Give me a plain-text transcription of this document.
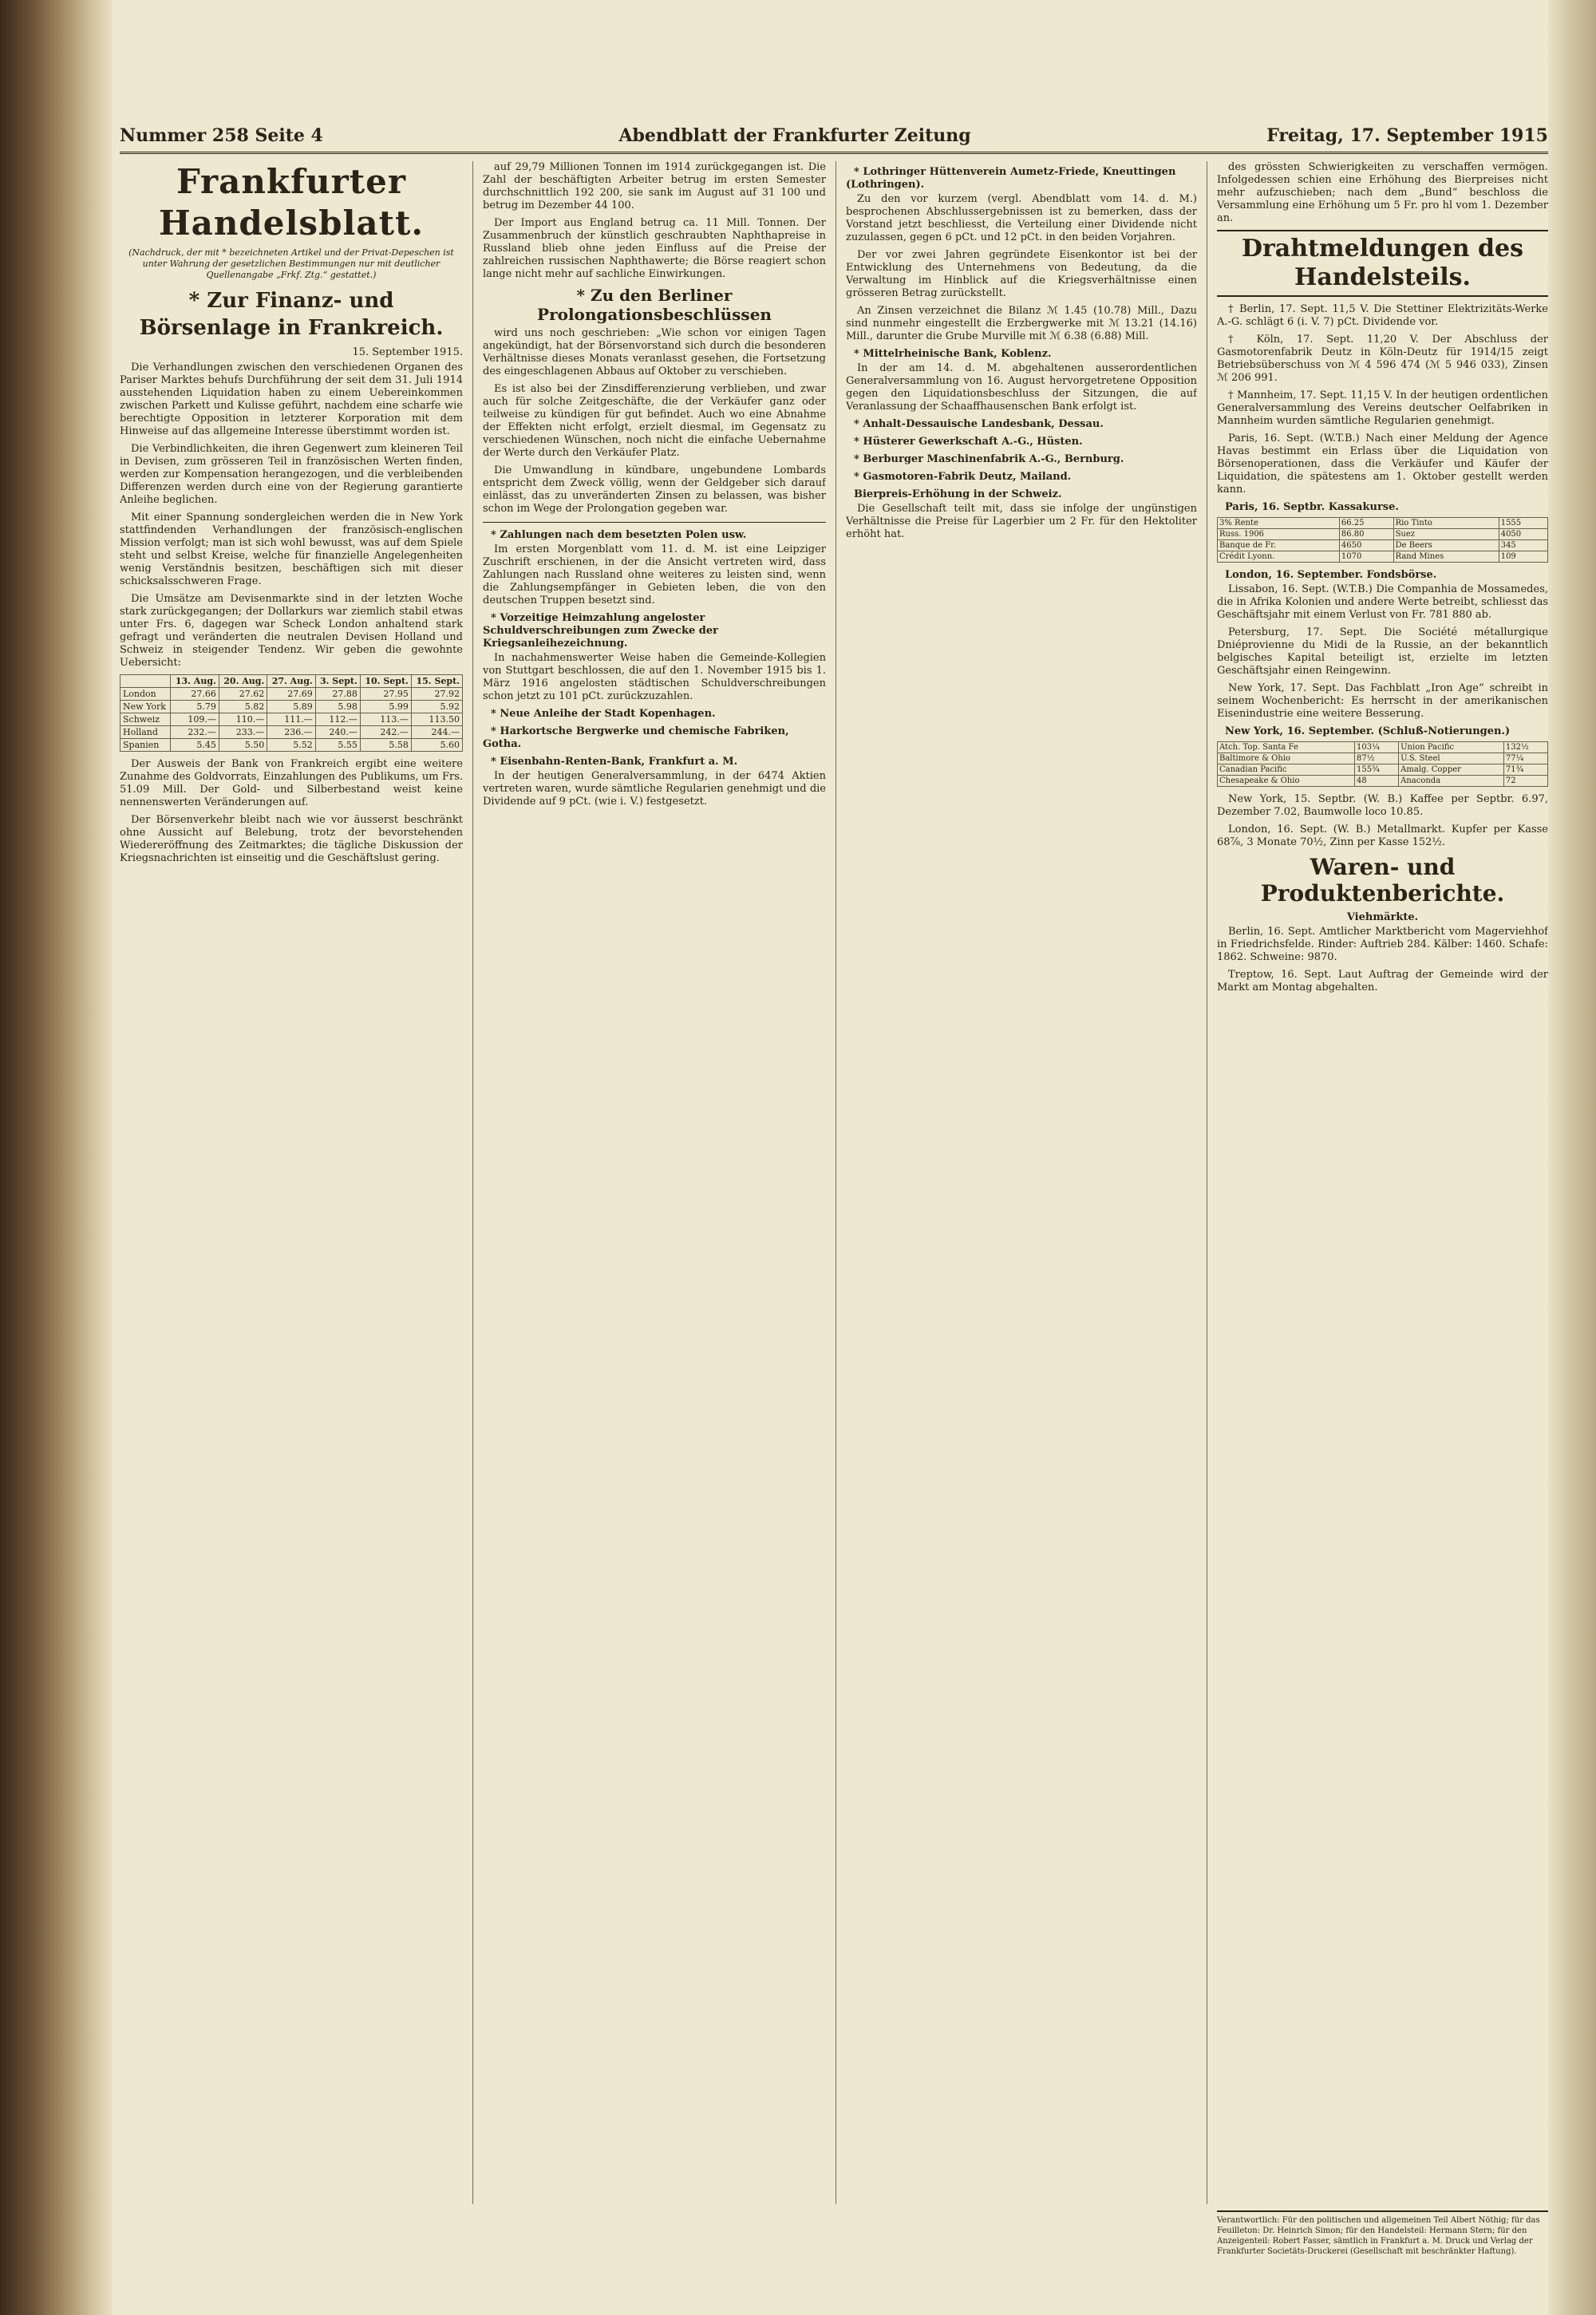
Nummer 258 Seite 4	Abendblatt der Frankfurter Zeitung	Freitag, 17. September 1915
Frankfurter Handelsblatt.
(Nachdruck, der mit * bezeichneten Artikel und der Privat-Depeschen ist unter Wahrung der gesetzlichen Bestimmungen nur mit deutlicher Quellenangabe „Frkf. Ztg.“ gestattet.)
* Zur Finanz- und Börsenlage in Frankreich.
15. September 1915.

Die Verhandlungen zwischen den verschiedenen Organen des Pariser Marktes behufs Durchführung der seit dem 31. Juli 1914 ausstehenden Liquidation haben zu einem Uebereinkommen zwischen Parkett und Kulisse geführt, nachdem eine scharfe wie berechtigte Opposition in letzterer Korporation mit dem Hinweise auf das allgemeine Interesse überstimmt worden ist.

Die Verbindlichkeiten, die ihren Gegenwert zum kleineren Teil in Devisen, zum grösseren Teil in französischen Werten finden, werden zur Kompensation herangezogen, und die verbleibenden Differenzen werden durch eine von der Regierung garantierte Anleihe beglichen.

Mit einer Spannung sondergleichen werden die in New York stattfindenden Verhandlungen der französisch-englischen Mission verfolgt; man ist sich wohl bewusst, was auf dem Spiele steht und selbst Kreise, welche für finanzielle Angelegenheiten wenig Verständnis besitzen, beschäftigen sich mit dieser schicksalsschweren Frage.

Die Umsätze am Devisenmarkte sind in der letzten Woche stark zurückgegangen; der Dollarkurs war ziemlich stabil etwas unter Frs. 6, dagegen war Scheck London anhaltend stark gefragt und veränderten die neutralen Devisen Holland und Schweiz in steigender Tendenz. Wir geben die gewohnte Uebersicht:

	13. Aug.	20. Aug.	27. Aug.	3. Sept.	10. Sept.	15. Sept.
London	27.66	27.62	27.69	27.88	27.95	27.92
New York	5.79	5.82	5.89	5.98	5.99	5.92
Schweiz	109.—	110.—	111.—	112.—	113.—	113.50
Holland	232.—	233.—	236.—	240.—	242.—	244.—
Spanien	5.45	5.50	5.52	5.55	5.58	5.60

Der Ausweis der Bank von Frankreich ergibt eine weitere Zunahme des Goldvorrats, Einzahlungen des Publikums, um Frs. 51.09 Mill. Der Gold- und Silberbestand weist keine nennenswerten Veränderungen auf.

Der Börsenverkehr bleibt nach wie vor äusserst beschränkt ohne Aussicht auf Belebung, trotz der bevorstehenden Wiedereröffnung des Zeitmarktes; die tägliche Diskussion der Kriegsnachrichten ist einseitig und die Geschäftslust gering.

auf 29,79 Millionen Tonnen im 1914 zurückgegangen ist. Die Zahl der beschäftigten Arbeiter betrug im ersten Semester durchschnittlich 192 200, sie sank im August auf 31 100 und betrug im Dezember 44 100.

Der Import aus England betrug ca. 11 Mill. Tonnen. Der Zusammenbruch der künstlich geschraubten Naphthapreise in Russland blieb ohne jeden Einfluss auf die Preise der zahlreichen russischen Naphthawerte; die Börse reagiert schon lange nicht mehr auf sachliche Einwirkungen.

* Zu den Berliner Prolongationsbeschlüssen

wird uns noch geschrieben: „Wie schon vor einigen Tagen angekündigt, hat der Börsenvorstand sich durch die besonderen Verhältnisse dieses Monats veranlasst gesehen, die Fortsetzung des eingeschlagenen Abbaus auf Oktober zu verschieben.

Es ist also bei der Zinsdifferenzierung verblieben, und zwar auch für solche Zeitgeschäfte, die der Verkäufer ganz oder teilweise zu kündigen für gut befindet. Auch wo eine Abnahme der Effekten nicht erfolgt, erzielt diesmal, im Gegensatz zu verschiedenen Wünschen, noch nicht die einfache Uebernahme der Werte durch den Verkäufer Platz.

Die Umwandlung in kündbare, ungebundene Lombards entspricht dem Zweck völlig, wenn der Geldgeber sich darauf einlässt, das zu unveränderten Zinsen zu belassen, was bisher schon im Wege der Prolongation gegeben war.

* Zahlungen nach dem besetzten Polen usw.

Im ersten Morgenblatt vom 11. d. M. ist eine Leipziger Zuschrift erschienen, in der die Ansicht vertreten wird, dass Zahlungen nach Russland ohne weiteres zu leisten sind, wenn die Zahlungsempfänger in Gebieten leben, die von den deutschen Truppen besetzt sind.

* Vorzeitige Heimzahlung angeloster Schuldverschreibungen zum Zwecke der Kriegsanleihezeichnung.

In nachahmenswerter Weise haben die Gemeinde-Kollegien von Stuttgart beschlossen, die auf den 1. November 1915 bis 1. März 1916 angelosten städtischen Schuldverschreibungen schon jetzt zu 101 pCt. zurückzuzahlen.

* Neue Anleihe der Stadt Kopenhagen.
* Harkortsche Bergwerke und chemische Fabriken, Gotha.
* Eisenbahn-Renten-Bank, Frankfurt a. M.

In der heutigen Generalversammlung, in der 6474 Aktien vertreten waren, wurde sämtliche Regularien genehmigt und die Dividende auf 9 pCt. (wie i. V.) festgesetzt.

* Lothringer Hüttenverein Aumetz-Friede, Kneuttingen (Lothringen).

Zu den vor kurzem (vergl. Abendblatt vom 14. d. M.) besprochenen Abschlussergebnissen ist zu bemerken, dass der Vorstand jetzt beschliesst, die Verteilung einer Dividende nicht zuzulassen, gegen 6 pCt. und 12 pCt. in den beiden Vorjahren.

Der vor zwei Jahren gegründete Eisenkontor ist bei der Entwicklung des Unternehmens von Bedeutung, da die Verwaltung im Hinblick auf die Kriegsverhältnisse einen grösseren Betrag zurückstellt.

An Zinsen verzeichnet die Bilanz ℳ 1.45 (10.78) Mill., Dazu sind nunmehr eingestellt die Erzbergwerke mit ℳ 13.21 (14.16) Mill., darunter die Grube Murville mit ℳ 6.38 (6.88) Mill.

* Mittelrheinische Bank, Koblenz.

In der am 14. d. M. abgehaltenen ausserordentlichen Generalversammlung von 16. August hervorgetretene Opposition gegen den Liquidationsbeschluss der Sitzungen, die auf Veranlassung der Schaaffhausenschen Bank erfolgt ist.

* Anhalt-Dessauische Landesbank, Dessau.
* Hüsterer Gewerkschaft A.-G., Hüsten.
* Berburger Maschinenfabrik A.-G., Bernburg.
* Gasmotoren-Fabrik Deutz, Mailand.
Bierpreis-Erhöhung in der Schweiz.

Die Gesellschaft teilt mit, dass sie infolge der ungünstigen Verhältnisse die Preise für Lagerbier um 2 Fr. für den Hektoliter erhöht hat.

des grössten Schwierigkeiten zu verschaffen vermögen. Infolgedessen schien eine Erhöhung des Bierpreises nicht mehr aufzuschieben; nach dem „Bund“ beschloss die Versammlung eine Erhöhung um 5 Fr. pro hl vom 1. Dezember an.

Drahtmeldungen des Handelsteils.

† Berlin, 17. Sept. 11,5 V. Die Stettiner Elektrizitäts-Werke A.-G. schlägt 6 (i. V. 7) pCt. Dividende vor.

† Köln, 17. Sept. 11,20 V. Der Abschluss der Gasmotorenfabrik Deutz in Köln-Deutz für 1914/15 zeigt Betriebsüberschuss von ℳ 4 596 474 (ℳ 5 946 033), Zinsen ℳ 206 991.

† Mannheim, 17. Sept. 11,15 V. In der heutigen ordentlichen Generalversammlung des Vereins deutscher Oelfabriken in Mannheim wurden sämtliche Regularien genehmigt.

Paris, 16. Sept. (W.T.B.) Nach einer Meldung der Agence Havas bestimmt ein Erlass über die Liquidation von Börsenoperationen, dass die Verkäufer und Käufer der Liquidation, die spätestens am 1. Oktober gestellt werden kann.

Paris, 16. Septbr. Kassakurse.
3% Rente	66.25	Rio Tinto	1555
Russ. 1906	86.80	Suez	4050
Banque de Fr.	4650	De Beers	345
Crédit Lyonn.	1070	Rand Mines	109
London, 16. September. Fondsbörse.

Lissabon, 16. Sept. (W.T.B.) Die Companhia de Mossamedes, die in Afrika Kolonien und andere Werte betreibt, schliesst das Geschäftsjahr mit einem Verlust von Fr. 781 880 ab.

Petersburg, 17. Sept. Die Société métallurgique Dniéprovienne du Midi de la Russie, an der bekanntlich belgisches Kapital beteiligt ist, erzielte im letzten Geschäftsjahr einen Reingewinn.

New York, 17. Sept. Das Fachblatt „Iron Age“ schreibt in seinem Wochenbericht: Es herrscht in der amerikanischen Eisenindustrie eine weitere Besserung.

New York, 16. September. (Schluß-Notierungen.)
Atch. Top. Santa Fe	103¼	Union Pacific	132½
Baltimore & Ohio	87½	U.S. Steel	77¼
Canadian Pacific	155¾	Amalg. Copper	71¾
Chesapeake & Ohio	48	Anaconda	72

New York, 15. Septbr. (W. B.) Kaffee per Septbr. 6.97, Dezember 7.02, Baumwolle loco 10.85.

London, 16. Sept. (W. B.) Metallmarkt. Kupfer per Kasse 68⅞, 3 Monate 70½, Zinn per Kasse 152½.

Waren- und Produktenberichte.
Viehmärkte.

Berlin, 16. Sept. Amtlicher Marktbericht vom Magerviehhof in Friedrichsfelde. Rinder: Auftrieb 284. Kälber: 1460. Schafe: 1862. Schweine: 9870.

Treptow, 16. Sept. Laut Auftrag der Gemeinde wird der Markt am Montag abgehalten.

Verantwortlich: Für den politischen und allgemeinen Teil Albert Nöthig; für das Feuilleton: Dr. Heinrich Simon; für den Handelsteil: Hermann Stern; für den Anzeigenteil: Robert Fasser, sämtlich in Frankfurt a. M. Druck und Verlag der Frankfurter Societäts-Druckerei (Gesellschaft mit beschränkter Haftung).
